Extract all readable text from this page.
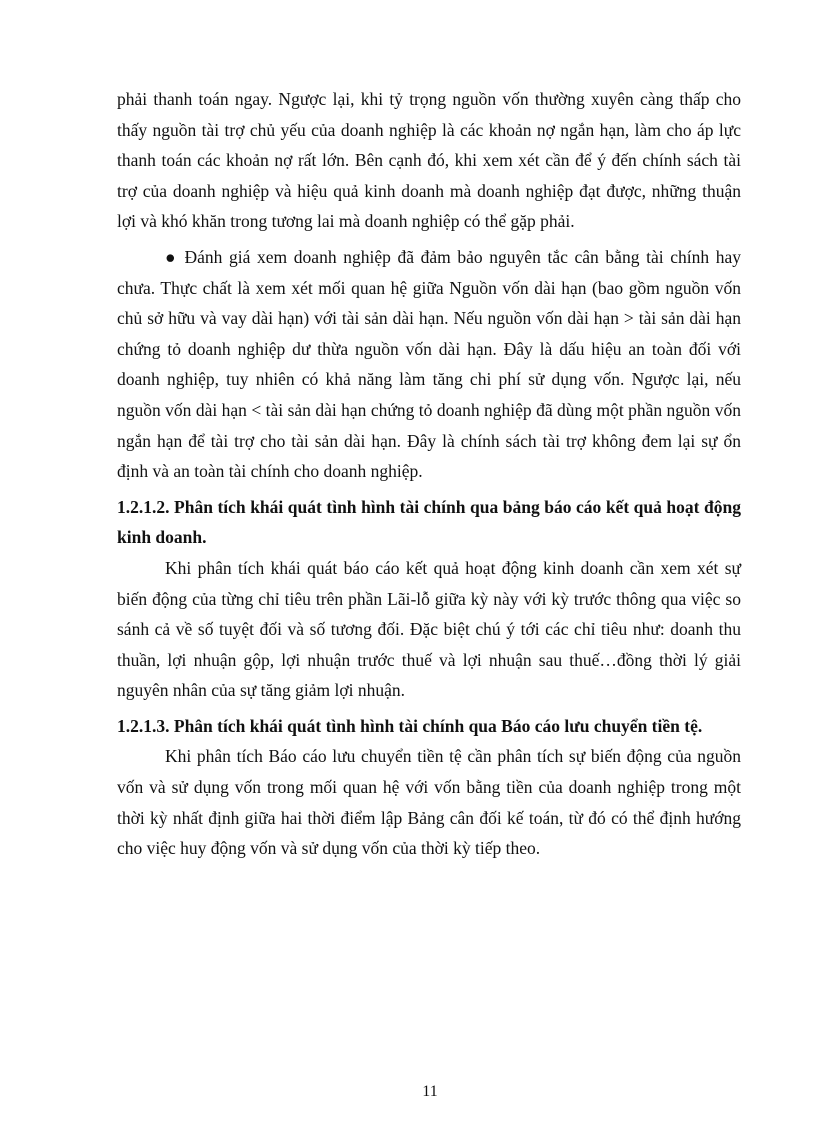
phải thanh toán ngay. Ngược lại, khi tỷ trọng nguồn vốn thường xuyên càng thấp cho thấy nguồn tài trợ chủ yếu của doanh nghiệp là các khoản nợ ngắn hạn, làm cho áp lực thanh toán các khoản nợ rất lớn. Bên cạnh đó, khi xem xét cần để ý đến chính sách tài trợ của doanh nghiệp và hiệu quả kinh doanh mà doanh nghiệp đạt được, những thuận lợi và khó khăn trong tương lai mà doanh nghiệp có thể gặp phải.

● Đánh giá xem doanh nghiệp đã đảm bảo nguyên tắc cân bằng tài chính hay chưa. Thực chất là xem xét mối quan hệ giữa Nguồn vốn dài hạn (bao gồm nguồn vốn chủ sở hữu và vay dài hạn) với tài sản dài hạn. Nếu nguồn vốn dài hạn > tài sản dài hạn chứng tỏ doanh nghiệp dư thừa nguồn vốn dài hạn. Đây là dấu hiệu an toàn đối với doanh nghiệp, tuy nhiên có khả năng làm tăng chi phí sử dụng vốn. Ngược lại, nếu nguồn vốn dài hạn < tài sản dài hạn chứng tỏ doanh nghiệp đã dùng một phần nguồn vốn ngắn hạn để tài trợ cho tài sản dài hạn. Đây là chính sách tài trợ không đem lại sự ổn định và an toàn tài chính cho doanh nghiệp.

1.2.1.2. Phân tích khái quát tình hình tài chính qua bảng báo cáo kết quả hoạt động kinh doanh.

Khi phân tích khái quát báo cáo kết quả hoạt động kinh doanh cần xem xét sự biến động của từng chỉ tiêu trên phần Lãi-lỗ giữa kỳ này với kỳ trước thông qua việc so sánh cả về số tuyệt đối và số tương đối. Đặc biệt chú ý tới các chỉ tiêu như: doanh thu thuần, lợi nhuận gộp, lợi nhuận trước thuế và lợi nhuận sau thuế…đồng thời lý giải nguyên nhân của sự tăng giảm lợi nhuận.

1.2.1.3. Phân tích khái quát tình hình tài chính qua Báo cáo lưu chuyển tiền tệ.

Khi phân tích Báo cáo lưu chuyển tiền tệ cần phân tích sự biến động của nguồn vốn và sử dụng vốn trong mối quan hệ với vốn bằng tiền của doanh nghiệp trong một thời kỳ nhất định giữa hai thời điểm lập Bảng cân đối kế toán, từ đó có thể định hướng cho việc huy động vốn và sử dụng vốn của thời kỳ tiếp theo.

11
